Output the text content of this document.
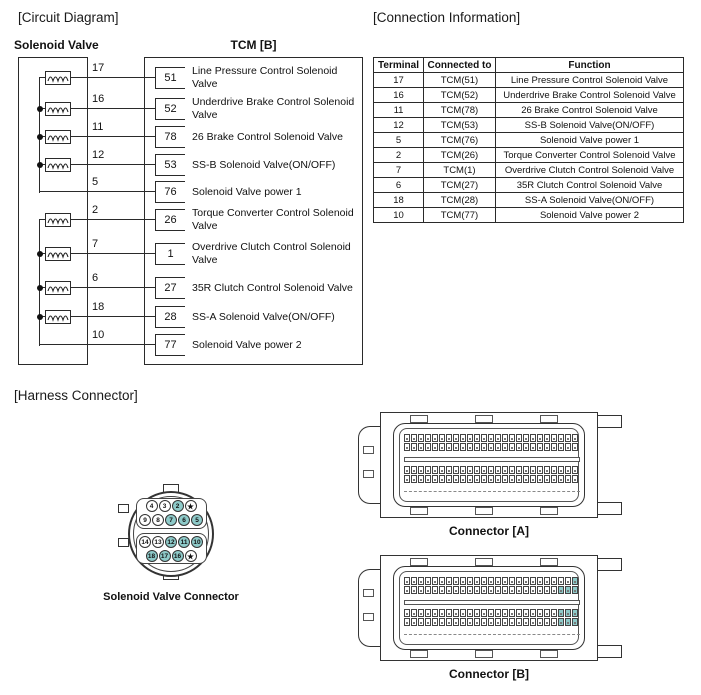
[Circuit Diagram]	[Connection Information]
[Harness Connector]
Solenoid Valve	TCM [B]
17
51
Line Pressure Control Solenoid Valve
16
52
Underdrive Brake Control Solenoid Valve
11
78	26 Brake Control Solenoid Valve
12
53	SS-B Solenoid Valve(ON/OFF)
5
76	Solenoid Valve power 1
2
26
Torque Converter Control Solenoid Valve
7
1
Overdrive Clutch Control Solenoid Valve
6
27	35R Clutch Control Solenoid Valve
18
28	SS-A Solenoid Valve(ON/OFF)
10
77	Solenoid Valve power 2
Terminal	Connected to	Function
17	TCM(51)	Line Pressure Control Solenoid Valve
16	TCM(52)	Underdrive Brake Control Solenoid Valve
11	TCM(78)	26 Brake Control Solenoid Valve
12	TCM(53)	SS-B Solenoid Valve(ON/OFF)
5	TCM(76)	Solenoid Valve power 1
2	TCM(26)	Torque Converter Control Solenoid Valve
7	TCM(1)	Overdrive Clutch Control Solenoid Valve
6	TCM(27)	35R Clutch Control Solenoid Valve
18	TCM(28)	SS-A Solenoid Valve(ON/OFF)
10	TCM(77)	Solenoid Valve power 2
4	3	2	★
9	8	7	6	5
14 13 12 11 10
18 17 16 ★
Solenoid Valve Connector
Connector [A]
Connector [B]
